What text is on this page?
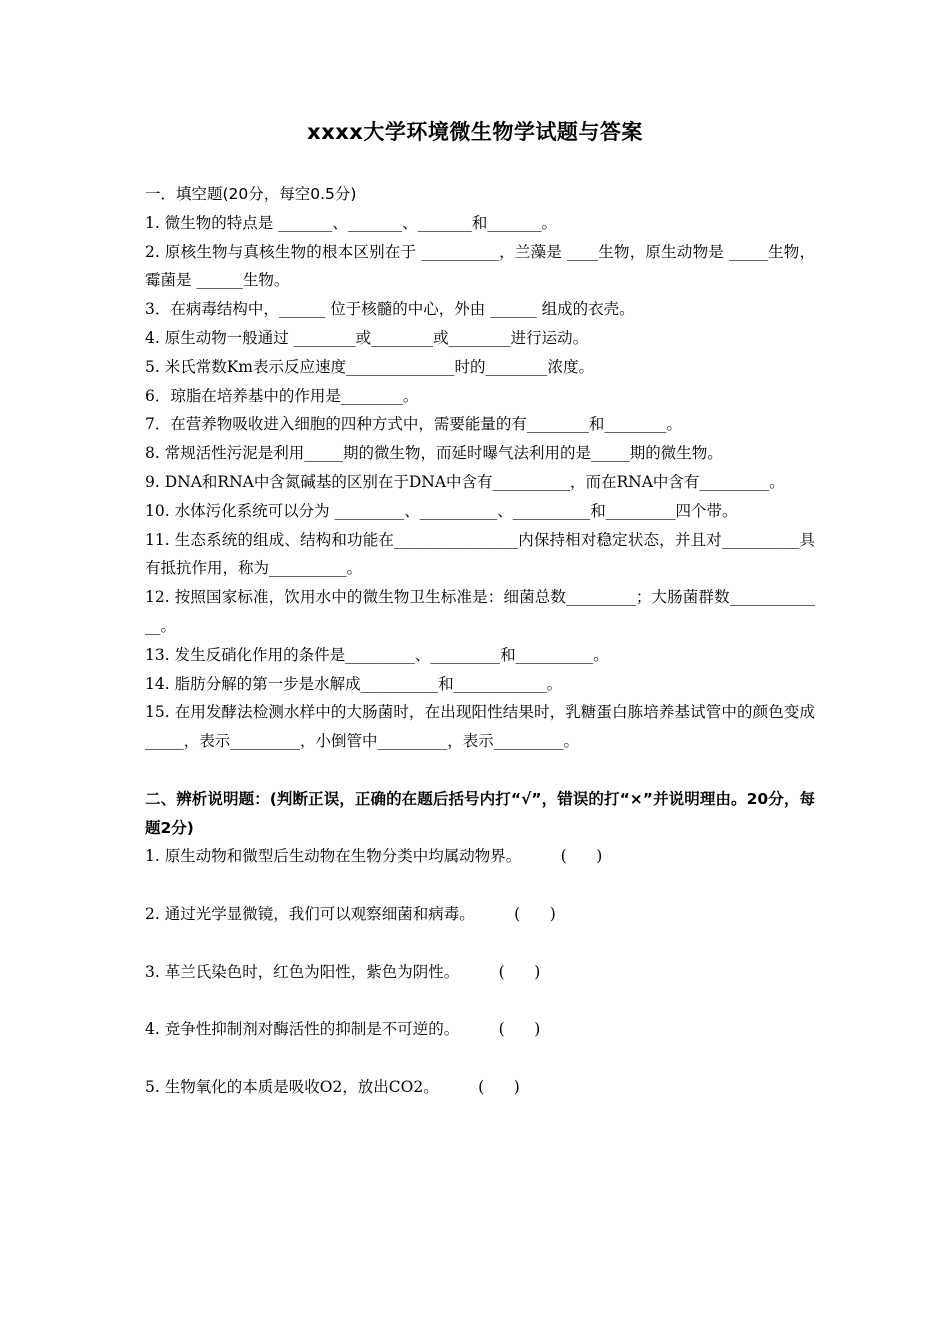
xxxx大学环境微生物学试题与答案
一．填空题(20分，每空0.5分)

1. 微生物的特点是 _______、_______、_______和_______。

2. 原核生物与真核生物的根本区别在于 __________，兰藻是 ____生物，原生动物是 _____生物，霉菌是 ______生物。

3．在病毒结构中，______ 位于核髓的中心，外由 ______ 组成的衣壳。

4. 原生动物一般通过 ________或________或________进行运动。

5. 米氏常数Km表示反应速度______________时的________浓度。

6．琼脂在培养基中的作用是________。

7．在营养物吸收进入细胞的四种方式中，需要能量的有________和________。

8. 常规活性污泥是利用_____期的微生物，而延时曝气法利用的是_____期的微生物。

9. DNA和RNA中含氮碱基的区别在于DNA中含有__________，而在RNA中含有_________。

10. 水体污化系统可以分为 _________、__________、__________和_________四个带。

11. 生态系统的组成、结构和功能在________________内保持相对稳定状态，并且对__________具有抵抗作用，称为__________。

12. 按照国家标准，饮用水中的微生物卫生标准是：细菌总数_________；大肠菌群数_____________。

13. 发生反硝化作用的条件是_________、_________和__________。

14. 脂肪分解的第一步是水解成__________和____________。

15. 在用发酵法检测水样中的大肠菌时，在出现阳性结果时，乳糖蛋白胨培养基试管中的颜色变成_____，表示_________，小倒管中_________，表示_________。

二、辨析说明题：(判断正误，正确的在题后括号内打“√”，错误的打“×”并说明理由。20分，每题2分)

1. 原生动物和微型后生动物在生物分类中均属动物界。        (      )

2. 通过光学显微镜，我们可以观察细菌和病毒。        (      )

3. 革兰氏染色时，红色为阳性，紫色为阴性。        (      )

4. 竞争性抑制剂对酶活性的抑制是不可逆的。        (      )

5. 生物氧化的本质是吸收O2，放出CO2。        (      )
